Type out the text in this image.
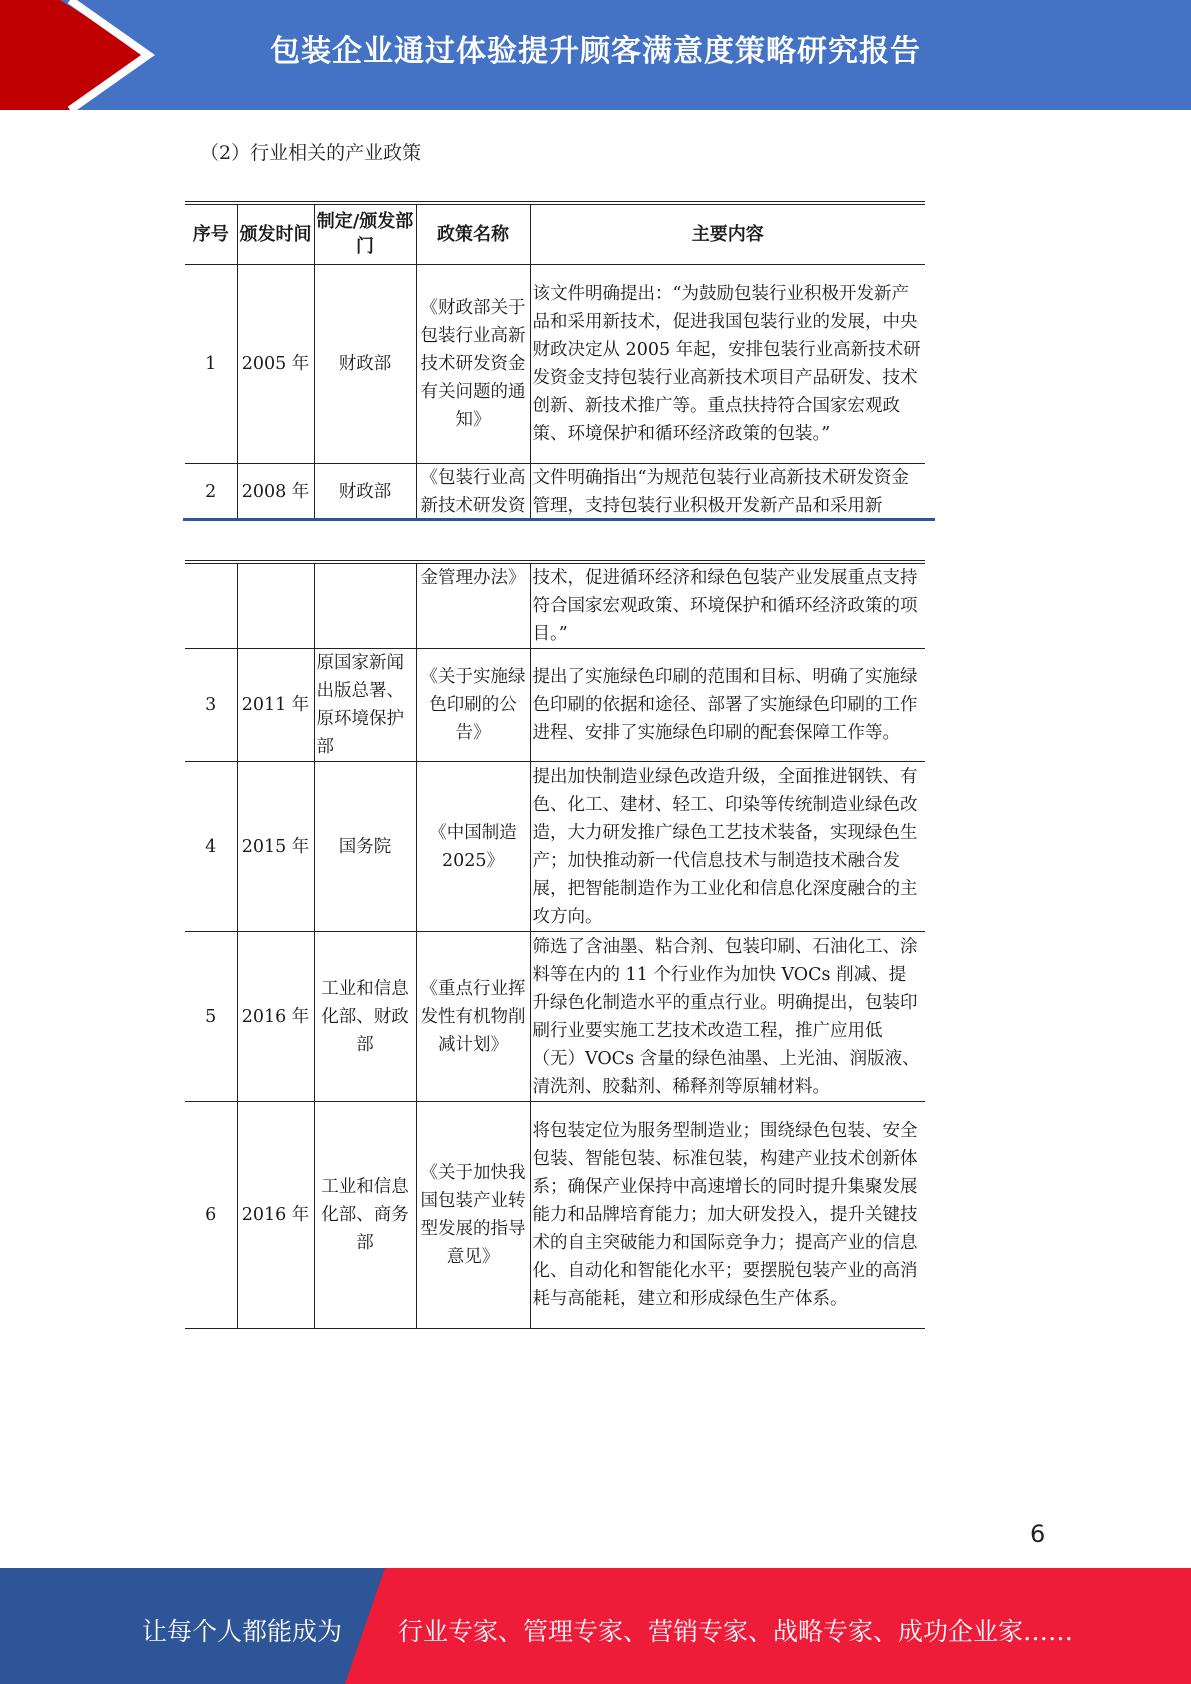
包装企业通过体验提升顾客满意度策略研究报告
（2）行业相关的产业政策
序号	颁发时间	制定/颁发部门	政策名称	主要内容
1	2005 年	财政部	《财政部关于包装行业高新技术研发资金有关问题的通知》	该文件明确提出：“为鼓励包装行业积极开发新产品和采用新技术，促进我国包装行业的发展，中央财政决定从 2005 年起，安排包装行业高新技术研发资金支持包装行业高新技术项目产品研发、技术创新、新技术推广等。重点扶持符合国家宏观政策、环境保护和循环经济政策的包装。”
2	2008 年	财政部	《包装行业高新技术研发资	文件明确指出“为规范包装行业高新技术研发资金管理，支持包装行业积极开发新产品和采用新
			金管理办法》	技术，促进循环经济和绿色包装产业发展重点支持符合国家宏观政策、环境保护和循环经济政策的项目。”
3	2011 年	原国家新闻出版总署、原环境保护部	《关于实施绿色印刷的公告》	提出了实施绿色印刷的范围和目标、明确了实施绿色印刷的依据和途径、部署了实施绿色印刷的工作进程、安排了实施绿色印刷的配套保障工作等。
4	2015 年	国务院	《中国制造 2025》	提出加快制造业绿色改造升级，全面推进钢铁、有色、化工、建材、轻工、印染等传统制造业绿色改造，大力研发推广绿色工艺技术装备，实现绿色生产；加快推动新一代信息技术与制造技术融合发展，把智能制造作为工业化和信息化深度融合的主攻方向。
5	2016 年	工业和信息化部、财政部	《重点行业挥发性有机物削减计划》	筛选了含油墨、粘合剂、包装印刷、石油化工、涂料等在内的 11 个行业作为加快 VOCs 削减、提升绿色化制造水平的重点行业。明确提出，包装印刷行业要实施工艺技术改造工程，推广应用低（无）VOCs 含量的绿色油墨、上光油、润版液、清洗剂、胶黏剂、稀释剂等原辅材料。
6	2016 年	工业和信息化部、商务部	《关于加快我国包装产业转型发展的指导意见》	将包装定位为服务型制造业；围绕绿色包装、安全包装、智能包装、标准包装，构建产业技术创新体系；确保产业保持中高速增长的同时提升集聚发展能力和品牌培育能力；加大研发投入，提升关键技术的自主突破能力和国际竞争力；提高产业的信息化、自动化和智能化水平；要摆脱包装产业的高消耗与高能耗，建立和形成绿色生产体系。
6
让每个人都能成为 行业专家、管理专家、营销专家、战略专家、成功企业家……
